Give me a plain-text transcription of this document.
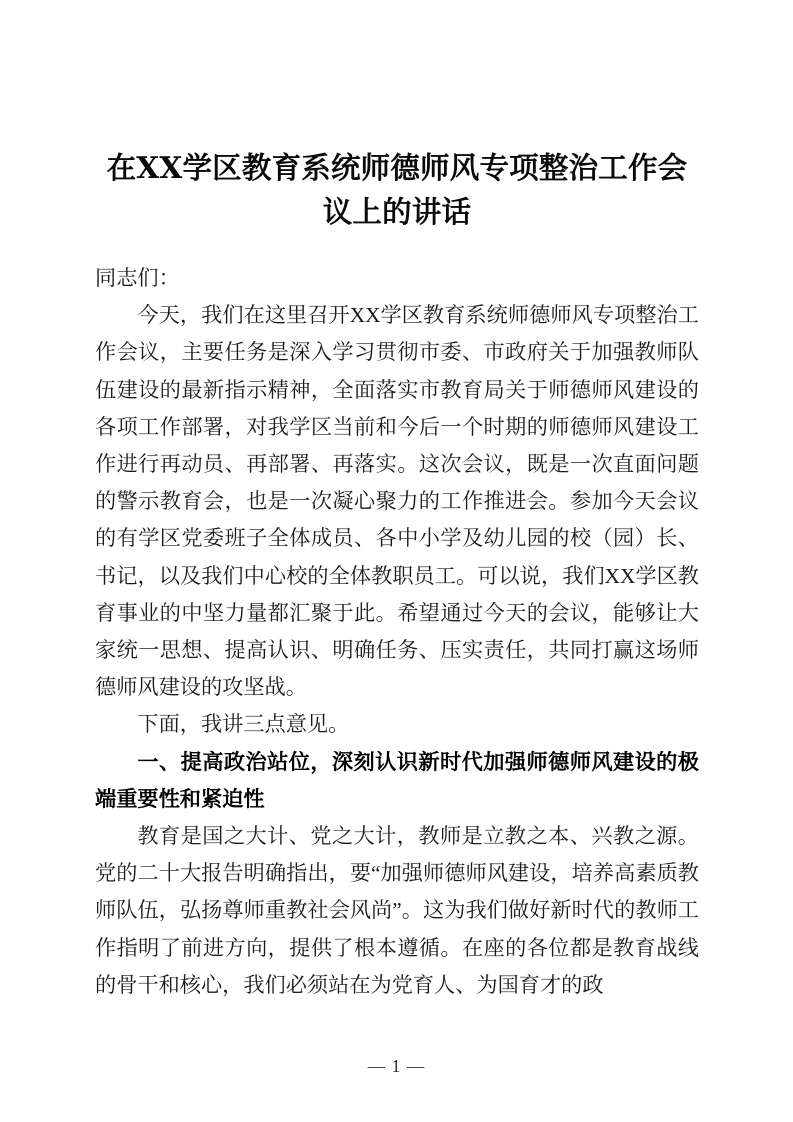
在XX学区教育系统师德师风专项整治工作会议上的讲话

同志们：

今天，我们在这里召开XX学区教育系统师德师风专项整治工作会议，主要任务是深入学习贯彻市委、市政府关于加强教师队伍建设的最新指示精神，全面落实市教育局关于师德师风建设的各项工作部署，对我学区当前和今后一个时期的师德师风建设工作进行再动员、再部署、再落实。这次会议，既是一次直面问题的警示教育会，也是一次凝心聚力的工作推进会。参加今天会议的有学区党委班子全体成员、各中小学及幼儿园的校（园）长、书记，以及我们中心校的全体教职员工。可以说，我们XX学区教育事业的中坚力量都汇聚于此。希望通过今天的会议，能够让大家统一思想、提高认识、明确任务、压实责任，共同打赢这场师德师风建设的攻坚战。

下面，我讲三点意见。

一、提高政治站位，深刻认识新时代加强师德师风建设的极端重要性和紧迫性

教育是国之大计、党之大计，教师是立教之本、兴教之源。党的二十大报告明确指出，要“加强师德师风建设，培养高素质教师队伍，弘扬尊师重教社会风尚”。这为我们做好新时代的教师工作指明了前进方向，提供了根本遵循。在座的各位都是教育战线的骨干和核心，我们必须站在为党育人、为国育才的政

— 1 —
